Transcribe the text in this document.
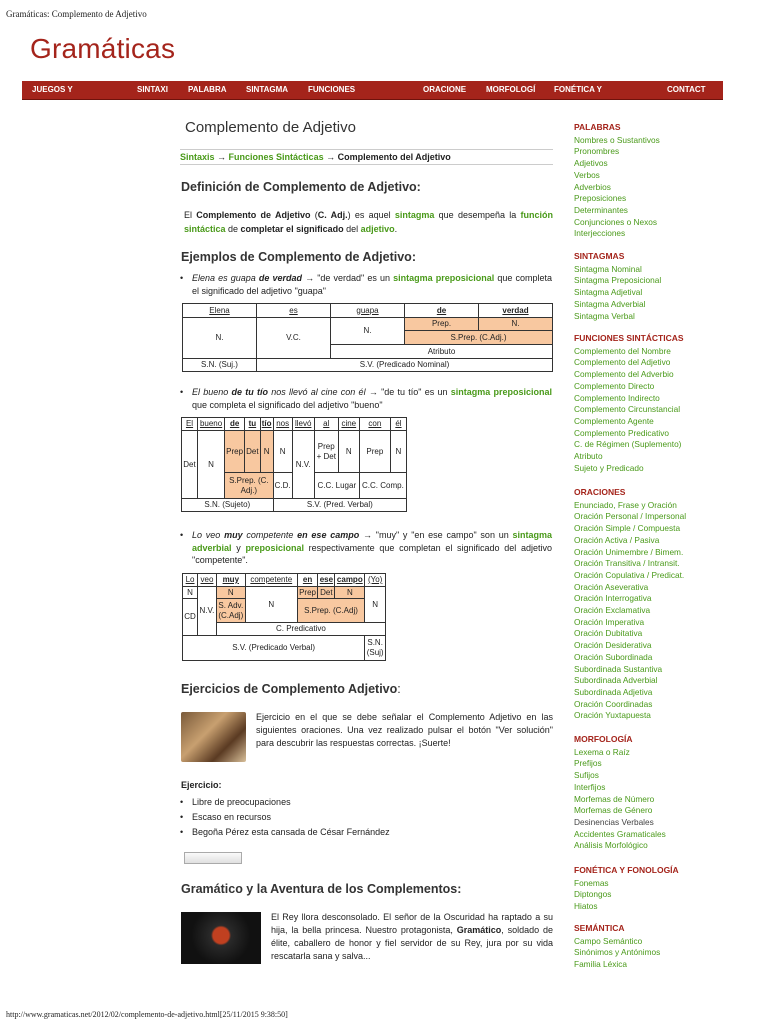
Gramáticas: Complemento de Adjetivo
Gramáticas
JUEGOS Y	SINTAXI	PALABRA SINTAGMA FUNCIONES	ORACIONE MORFOLOGÍ FONÉTICA Y	CONTACT
Complemento de Adjetivo
Sintaxis → Funciones Sintácticas → Complemento del Adjetivo
Definición de Complemento de Adjetivo:
El Complemento de Adjetivo (C. Adj.) es aquel sintagma que desempeña la función sintáctica de completar el significado del adjetivo.
Ejemplos de Complemento de Adjetivo:
• Elena es guapa de verdad → "de verdad" es un sintagma preposicional que completa el significado del adjetivo "guapa"
Elena	es	guapa	de	verdad
N.	V.C.	N.	Prep.	N.
			S.Prep. (C.Adj.)	
		Atributo		
S.N. (Suj.)	S.V. (Predicado Nominal)			
• El bueno de tu tío nos llevó al cine con él → "de tu tío" es un sintagma preposicional que completa el significado del adjetivo "bueno"
El	bueno	de	tu	tío	nos	llevó	al	cine	con	él
Det	N	Prep	Det	N	N	N.V.	Prep + Det	N	Prep	N
		S.Prep. (C. Adj.)			C.D.		C.C. Lugar		C.C. Comp.	
S.N. (Sujeto)					S.V. (Pred. Verbal)					
• Lo veo muy competente en ese campo → "muy" y "en ese campo" son un sintagma adverbial y preposicional respectivamente que completan el significado del adjetivo "competente".
Lo	veo	muy	competente	en	ese	campo	(Yo)
N	N.V.	N	N	Prep	Det	N	N
CD		S. Adv. (C.Adj)		S.Prep. (C.Adj)			
		C. Predicativo					
S.V. (Predicado Verbal)							S.N. (Suj)
Ejercicios de Complemento Adjetivo:
Ejercicio en el que se debe señalar el Complemento Adjetivo en las siguientes oraciones. Una vez realizado pulsar el botón "Ver solución" para descubrir las respuestas correctas. ¡Suerte!
Ejercicio:
• Libre de preocupaciones
• Escaso en recursos
• Begoña Pérez esta cansada de César Fernández
Gramático y la Aventura de los Complementos:
El Rey llora desconsolado. El señor de la Oscuridad ha raptado a su hija, la bella princesa. Nuestro protagonista, Gramático, soldado de élite, caballero de honor y fiel servidor de su Rey, jura por su vida rescatarla sana y salva...
PALABRAS
Nombres o Sustantivos
Pronombres
Adjetivos
Verbos
Adverbios
Preposiciones
Determinantes
Conjunciones o Nexos
Interjecciones
SINTAGMAS
Sintagma Nominal
Sintagma Preposicional
Sintagma Adjetival
Sintagma Adverbial
Sintagma Verbal
FUNCIONES SINTÁCTICAS
Complemento del Nombre
Complemento del Adjetivo
Complemento del Adverbio
Complemento Directo
Complemento Indirecto
Complemento Circunstancial
Complemento Agente
Complemento Predicativo
C. de Régimen (Suplemento)
Atributo
Sujeto y Predicado
ORACIONES
Enunciado, Frase y Oración
Oración Personal / Impersonal
Oración Simple / Compuesta
Oración Activa / Pasiva
Oración Unimembre / Bimem.
Oración Transitiva / Intransit.
Oración Copulativa / Predicat.
Oración Aseverativa
Oración Interrogativa
Oración Exclamativa
Oración Imperativa
Oración Dubitativa
Oración Desiderativa
Oración Subordinada
Subordinada Sustantiva
Subordinada Adverbial
Subordinada Adjetiva
Oración Coordinadas
Oración Yuxtapuesta
MORFOLOGÍA
Lexema o Raíz
Prefijos
Sufijos
Interfijos
Morfemas de Número
Morfemas de Género
Desinencias Verbales
Accidentes Gramaticales
Análisis Morfológico
FONÉTICA Y FONOLOGÍA
Fonemas
Diptongos
Hiatos
SEMÁNTICA
Campo Semántico
Sinónimos y Antónimos
Familia Léxica
http://www.gramaticas.net/2012/02/complemento-de-adjetivo.html[25/11/2015 9:38:50]
